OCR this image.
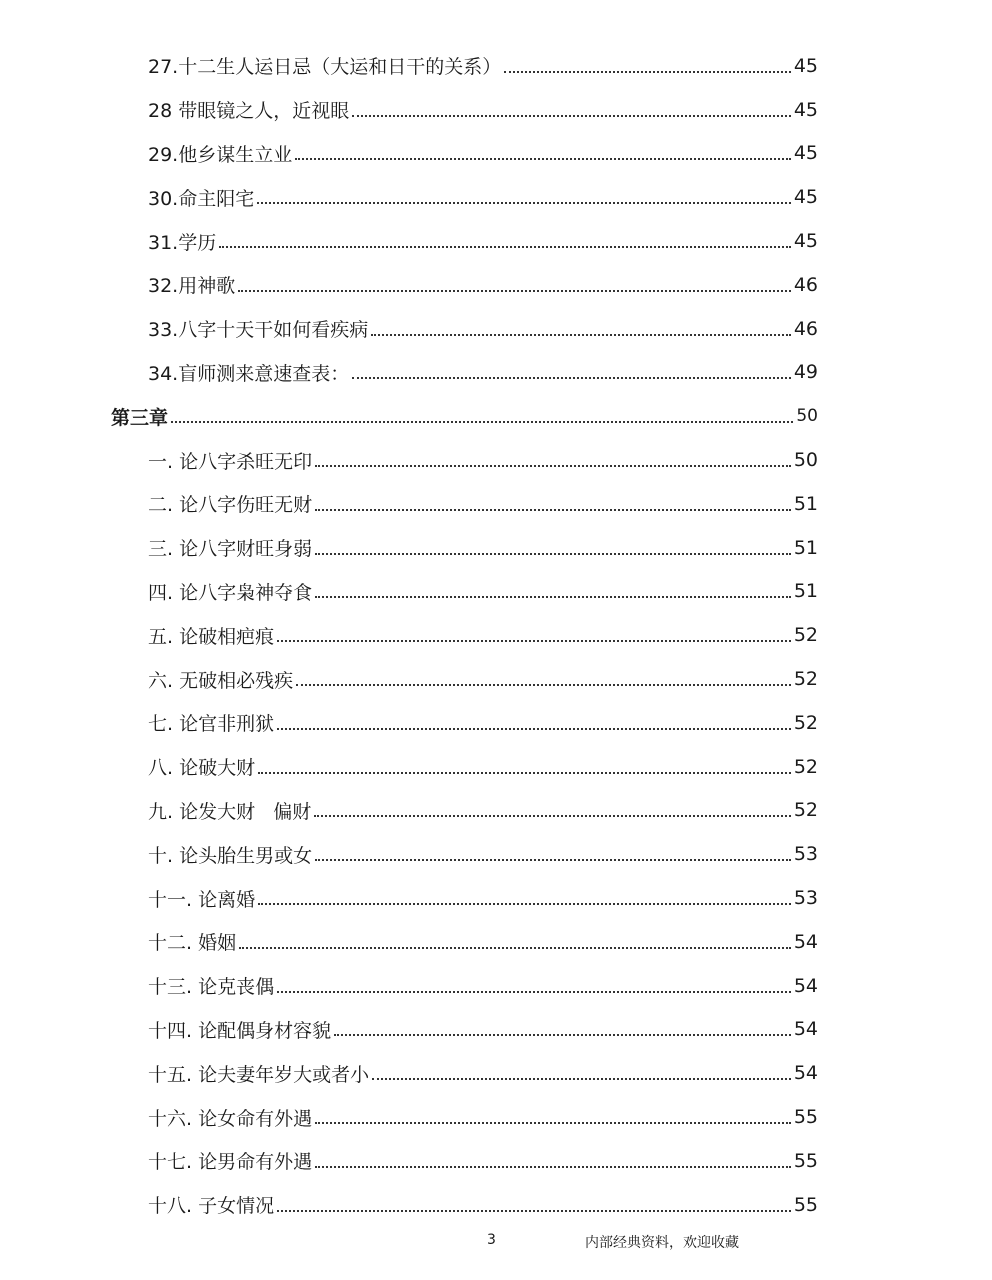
27.十二生人运日忌（大运和日干的关系）	45
28 带眼镜之人，近视眼	45
29.他乡谋生立业	45
30.命主阳宅	45
31.学历	45
32.用神歌	46
33.八字十天干如何看疾病	46
34.盲师测来意速查表：	49
第三章	50
一. 论八字杀旺无印	50
二. 论八字伤旺无财	51
三. 论八字财旺身弱	51
四. 论八字枭神夺食	51
五. 论破相疤痕	52
六. 无破相必残疾	52
七. 论官非刑狱	52
八. 论破大财	52
九. 论发大财   偏财	52
十. 论头胎生男或女	53
十一. 论离婚	53
十二. 婚姻	54
十三. 论克丧偶	54
十四. 论配偶身材容貌	54
十五. 论夫妻年岁大或者小	54
十六. 论女命有外遇	55
十七. 论男命有外遇	55
十八. 子女情况	55
3	内部经典资料，欢迎收藏
